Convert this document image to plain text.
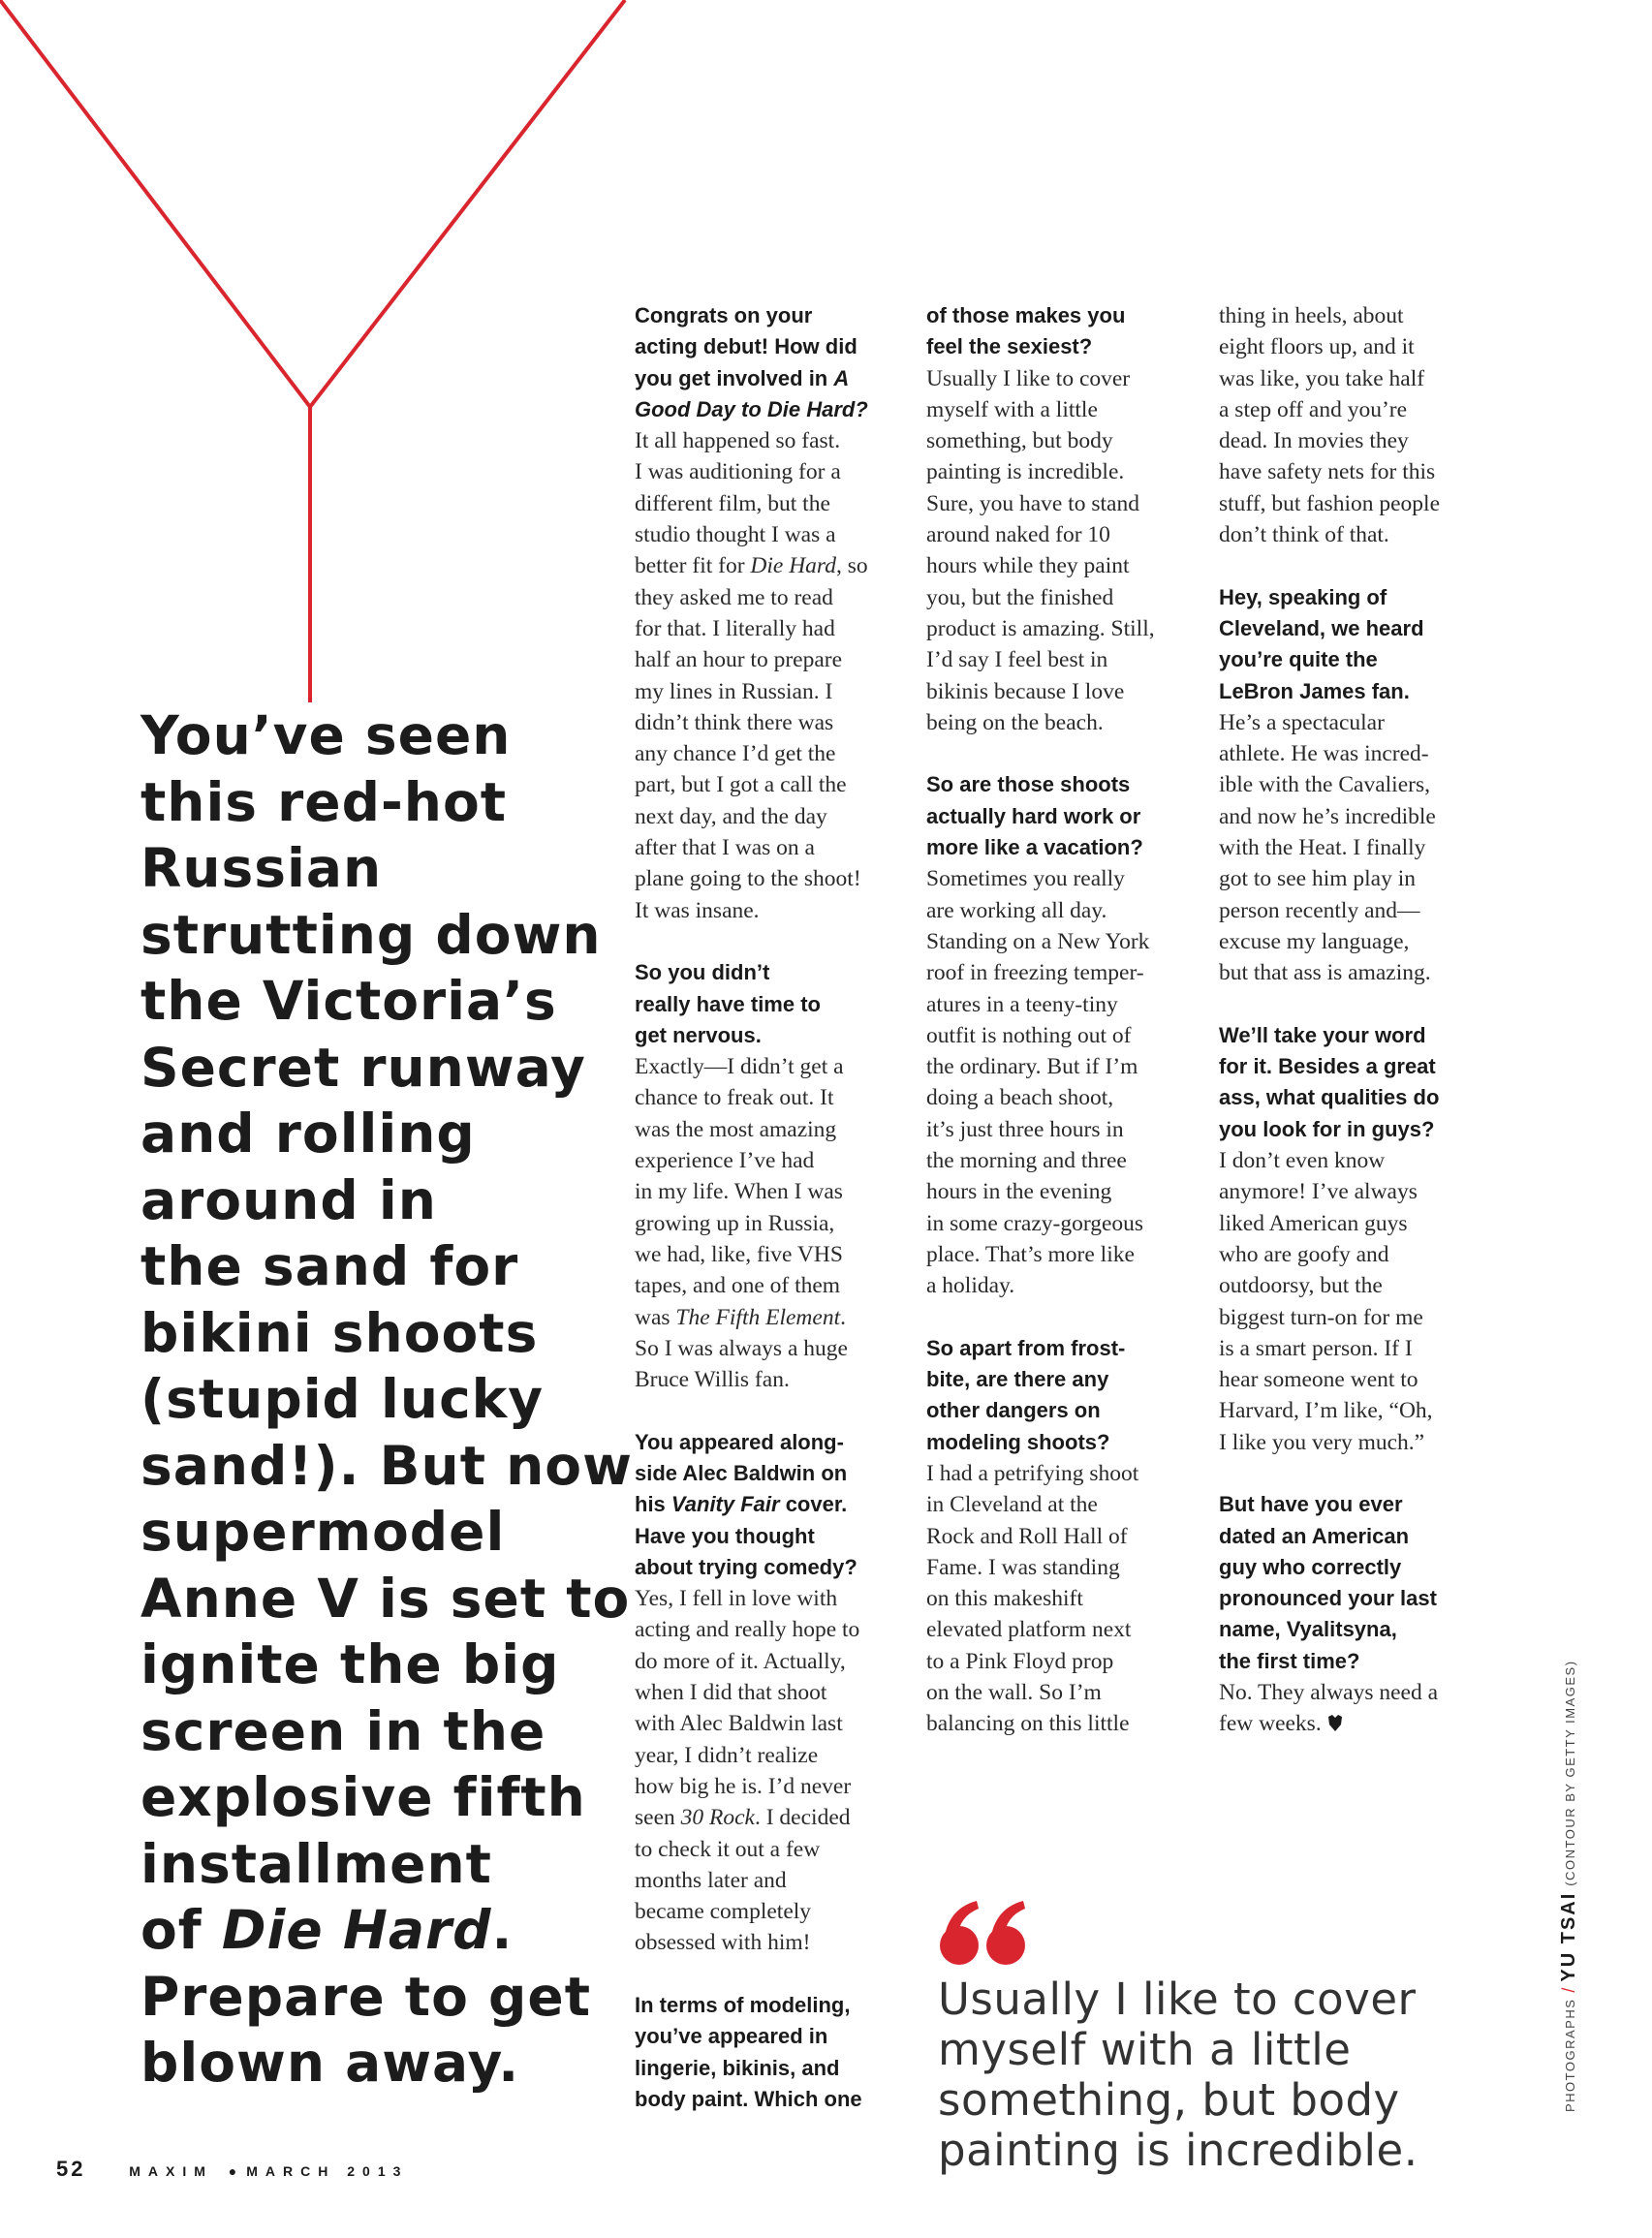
You’ve seen
this red-hot
Russian
strutting down
the Victoria’s
Secret runway
and rolling
around in
the sand for
bikini shoots
(stupid lucky
sand!). But now
supermodel
Anne V is set to
ignite the big
screen in the
explosive fifth
installment
of Die Hard.
Prepare to get
blown away.
Congrats on your
acting debut! How did
you get involved in A
Good Day to Die Hard?
It all happened so fast.
I was auditioning for a
different film, but the
studio thought I was a
better fit for Die Hard, so
they asked me to read
for that. I literally had
half an hour to prepare
my lines in Russian. I
didn’t think there was
any chance I’d get the
part, but I got a call the
next day, and the day
after that I was on a
plane going to the shoot!
It was insane.
So you didn’t
really have time to
get nervous.
Exactly—I didn’t get a
chance to freak out. It
was the most amazing
experience I’ve had
in my life. When I was
growing up in Russia,
we had, like, five VHS
tapes, and one of them
was The Fifth Element.
So I was always a huge
Bruce Willis fan.
You appeared along-
side Alec Baldwin on
his Vanity Fair cover.
Have you thought
about trying comedy?
Yes, I fell in love with
acting and really hope to
do more of it. Actually,
when I did that shoot
with Alec Baldwin last
year, I didn’t realize
how big he is. I’d never
seen 30 Rock. I decided
to check it out a few
months later and
became completely
obsessed with him!
In terms of modeling,
you’ve appeared in
lingerie, bikinis, and
body paint. Which one
of those makes you
feel the sexiest?
Usually I like to cover
myself with a little
something, but body
painting is incredible.
Sure, you have to stand
around naked for 10
hours while they paint
you, but the finished
product is amazing. Still,
I’d say I feel best in
bikinis because I love
being on the beach.
So are those shoots
actually hard work or
more like a vacation?
Sometimes you really
are working all day.
Standing on a New York
roof in freezing temper-
atures in a teeny-tiny
outfit is nothing out of
the ordinary. But if I’m
doing a beach shoot,
it’s just three hours in
the morning and three
hours in the evening
in some crazy-gorgeous
place. That’s more like
a holiday.
So apart from frost-
bite, are there any
other dangers on
modeling shoots?
I had a petrifying shoot
in Cleveland at the
Rock and Roll Hall of
Fame. I was standing
on this makeshift
elevated platform next
to a Pink Floyd prop
on the wall. So I’m
balancing on this little
thing in heels, about
eight floors up, and it
was like, you take half
a step off and you’re
dead. In movies they
have safety nets for this
stuff, but fashion people
don’t think of that.
Hey, speaking of
Cleveland, we heard
you’re quite the
LeBron James fan.
He’s a spectacular
athlete. He was incred-
ible with the Cavaliers,
and now he’s incredible
with the Heat. I finally
got to see him play in
person recently and—
excuse my language,
but that ass is amazing.
We’ll take your word
for it. Besides a great
ass, what qualities do
you look for in guys?
I don’t even know
anymore! I’ve always
liked American guys
who are goofy and
outdoorsy, but the
biggest turn-on for me
is a smart person. If I
hear someone went to
Harvard, I’m like, “Oh,
I like you very much.”
But have you ever
dated an American
guy who correctly
pronounced your last
name, Vyalitsyna,
the first time?
No. They always need a
few weeks.
Usually I like to cover
myself with a little
something, but body
painting is incredible.
52	MAXIM ● MARCH 2013
PHOTOGRAPHS/YU TSAI(CONTOUR BY GETTY IMAGES)
